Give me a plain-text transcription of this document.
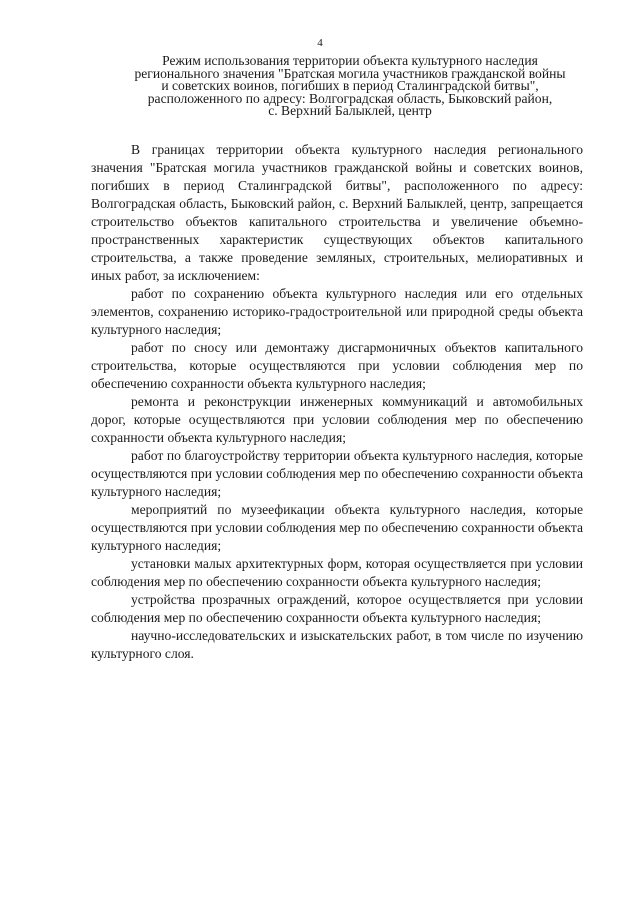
4
Режим использования территории объекта культурного наследия
регионального значения "Братская могила участников гражданской войны
и советских воинов, погибших в период Сталинградской битвы",
расположенного по адресу: Волгоградская область, Быковский район,
с. Верхний Балыклей, центр

В границах территории объекта культурного наследия регионального значения "Братская могила участников гражданской войны и советских воинов, погибших в период Сталинградской битвы", расположенного по адресу: Волгоградская область, Быковский район, с. Верхний Балыклей, центр, запрещается строительство объектов капитального строительства и увеличение объемно-пространственных характеристик существующих объектов капитального строительства, а также проведение земляных, строительных, мелиоративных и иных работ, за исключением:

работ по сохранению объекта культурного наследия или его отдельных элементов, сохранению историко-градостроительной или природной среды объекта культурного наследия;

работ по сносу или демонтажу дисгармоничных объектов капитального строительства, которые осуществляются при условии соблюдения мер по обеспечению сохранности объекта культурного наследия;

ремонта и реконструкции инженерных коммуникаций и автомобильных дорог, которые осуществляются при условии соблюдения мер по обеспечению сохранности объекта культурного наследия;

работ по благоустройству территории объекта культурного наследия, которые осуществляются при условии соблюдения мер по обеспечению сохранности объекта культурного наследия;

мероприятий по музеефикации объекта культурного наследия, которые осуществляются при условии соблюдения мер по обеспечению сохранности объекта культурного наследия;

установки малых архитектурных форм, которая осуществляется при условии соблюдения мер по обеспечению сохранности объекта культурного наследия;

устройства прозрачных ограждений, которое осуществляется при условии соблюдения мер по обеспечению сохранности объекта культурного наследия;

научно-исследовательских и изыскательских работ, в том числе по изучению культурного слоя.
